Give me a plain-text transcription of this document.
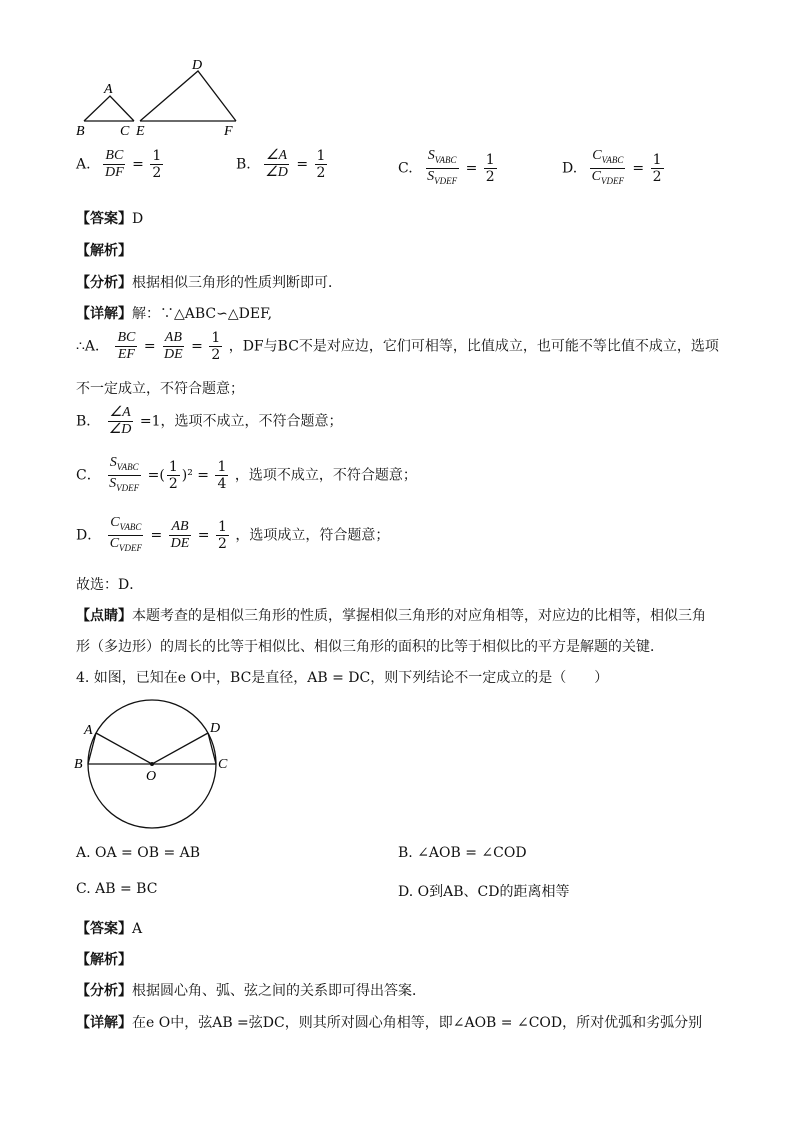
A
B	C
D
E	F
A. $\frac{BC}{DF} = \frac{1}{2}$	B. $\frac{\angle A}{\angle D} = \frac{1}{2}$	C. $\frac{S_{VABC}}{S_{VDEF}} = \frac{1}{2}$	D. $\frac{C_{VABC}}{C_{VDEF}} = \frac{1}{2}$
【答案】D
【解析】
【分析】根据相似三角形的性质判断即可．
【详解】解：∵△ABC∽△DEF,
∴A． $\frac{BC}{EF} = \frac{AB}{DE} = \frac{1}{2}$ ，DF与BC不是对应边，它们可相等，比值成立，也可能不等比值不成立，选项
不一定成立，不符合题意；
B． $\frac{\angle A}{\angle D} =1$，选项不成立，不符合题意；
C． $\frac{S_{VABC}}{S_{VDEF}}$ =( $\frac{1}{2} )^2 = \frac{1}{4}$ ，选项不成立，不符合题意；
D． $\frac{C_{VABC}}{C_{VDEF}} = \frac{AB}{DE} = \frac{1}{2}$ ，选项成立，符合题意；
故选：D．
【点睛】本题考查的是相似三角形的性质，掌握相似三角形的对应角相等，对应边的比相等，相似三角
形（多边形）的周长的比等于相似比、相似三角形的面积的比等于相似比的平方是解题的关键．
4. 如图，已知在e O中，BC是直径，AB = DC，则下列结论不一定成立的是（　　）
A
B	C
D
O
A. OA = OB = AB	B. ∠AOB = ∠COD
C. AB = BC	D. O到AB、CD的距离相等
【答案】A
【解析】
【分析】根据圆心角、弧、弦之间的关系即可得出答案．
【详解】在e O中，弦AB =弦DC，则其所对圆心角相等，即∠AOB = ∠COD，所对优弧和劣弧分别
